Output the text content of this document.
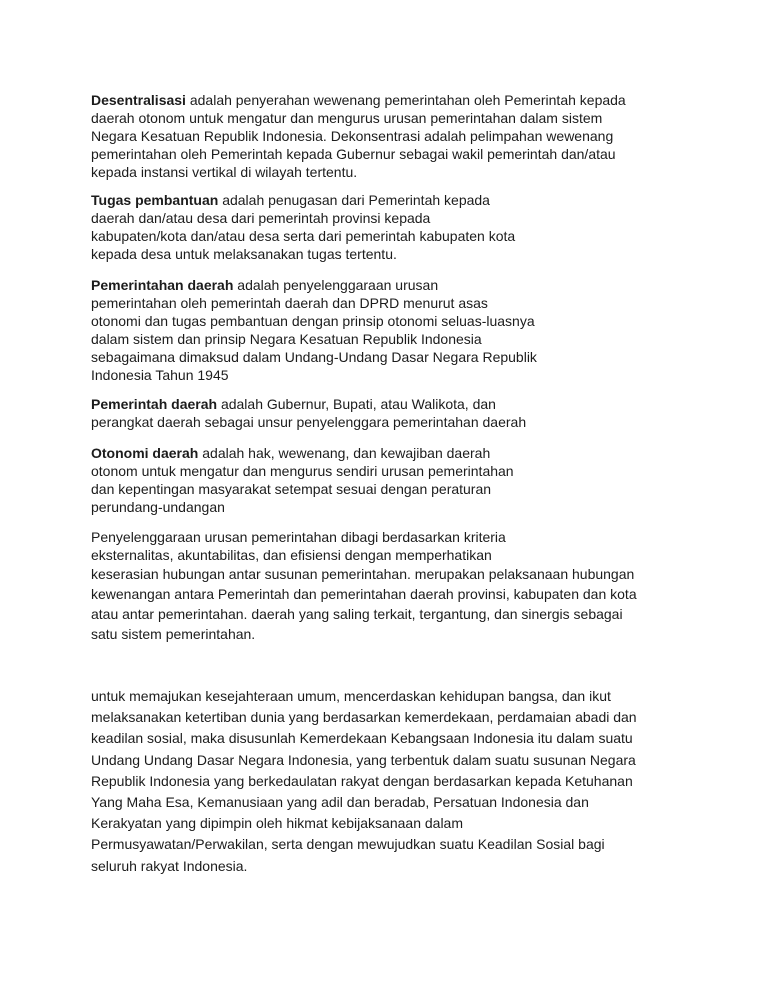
Desentralisasi adalah penyerahan wewenang pemerintahan oleh Pemerintah kepada
daerah otonom untuk mengatur dan mengurus urusan pemerintahan dalam sistem
Negara Kesatuan Republik Indonesia. Dekonsentrasi adalah pelimpahan wewenang
pemerintahan oleh Pemerintah kepada Gubernur sebagai wakil pemerintah dan/atau
kepada instansi vertikal di wilayah tertentu.

Tugas pembantuan adalah penugasan dari Pemerintah kepada
daerah dan/atau desa dari pemerintah provinsi kepada
kabupaten/kota dan/atau desa serta dari pemerintah kabupaten kota
kepada desa untuk melaksanakan tugas tertentu.

Pemerintahan daerah adalah penyelenggaraan urusan
pemerintahan oleh pemerintah daerah dan DPRD menurut asas
otonomi dan tugas pembantuan dengan prinsip otonomi seluas-luasnya
dalam sistem dan prinsip Negara Kesatuan Republik Indonesia
sebagaimana dimaksud dalam Undang-Undang Dasar Negara Republik
Indonesia Tahun 1945

Pemerintah daerah adalah Gubernur, Bupati, atau Walikota, dan
perangkat daerah sebagai unsur penyelenggara pemerintahan daerah

Otonomi daerah adalah hak, wewenang, dan kewajiban daerah
otonom untuk mengatur dan mengurus sendiri urusan pemerintahan
dan kepentingan masyarakat setempat sesuai dengan peraturan
perundang-undangan

Penyelenggaraan urusan pemerintahan dibagi berdasarkan kriteria
eksternalitas, akuntabilitas, dan efisiensi dengan memperhatikan
keserasian hubungan antar susunan pemerintahan. merupakan pelaksanaan hubungan
kewenangan antara Pemerintah dan pemerintahan daerah provinsi, kabupaten dan kota
atau antar pemerintahan. daerah yang saling terkait, tergantung, dan sinergis sebagai
satu sistem pemerintahan.

untuk memajukan kesejahteraan umum, mencerdaskan kehidupan bangsa, dan ikut
melaksanakan ketertiban dunia yang berdasarkan kemerdekaan, perdamaian abadi dan
keadilan sosial, maka disusunlah Kemerdekaan Kebangsaan Indonesia itu dalam suatu
Undang Undang Dasar Negara Indonesia, yang terbentuk dalam suatu susunan Negara
Republik Indonesia yang berkedaulatan rakyat dengan berdasarkan kepada Ketuhanan
Yang Maha Esa, Kemanusiaan yang adil dan beradab, Persatuan Indonesia dan
Kerakyatan yang dipimpin oleh hikmat kebijaksanaan dalam
Permusyawatan/Perwakilan, serta dengan mewujudkan suatu Keadilan Sosial bagi
seluruh rakyat Indonesia.
